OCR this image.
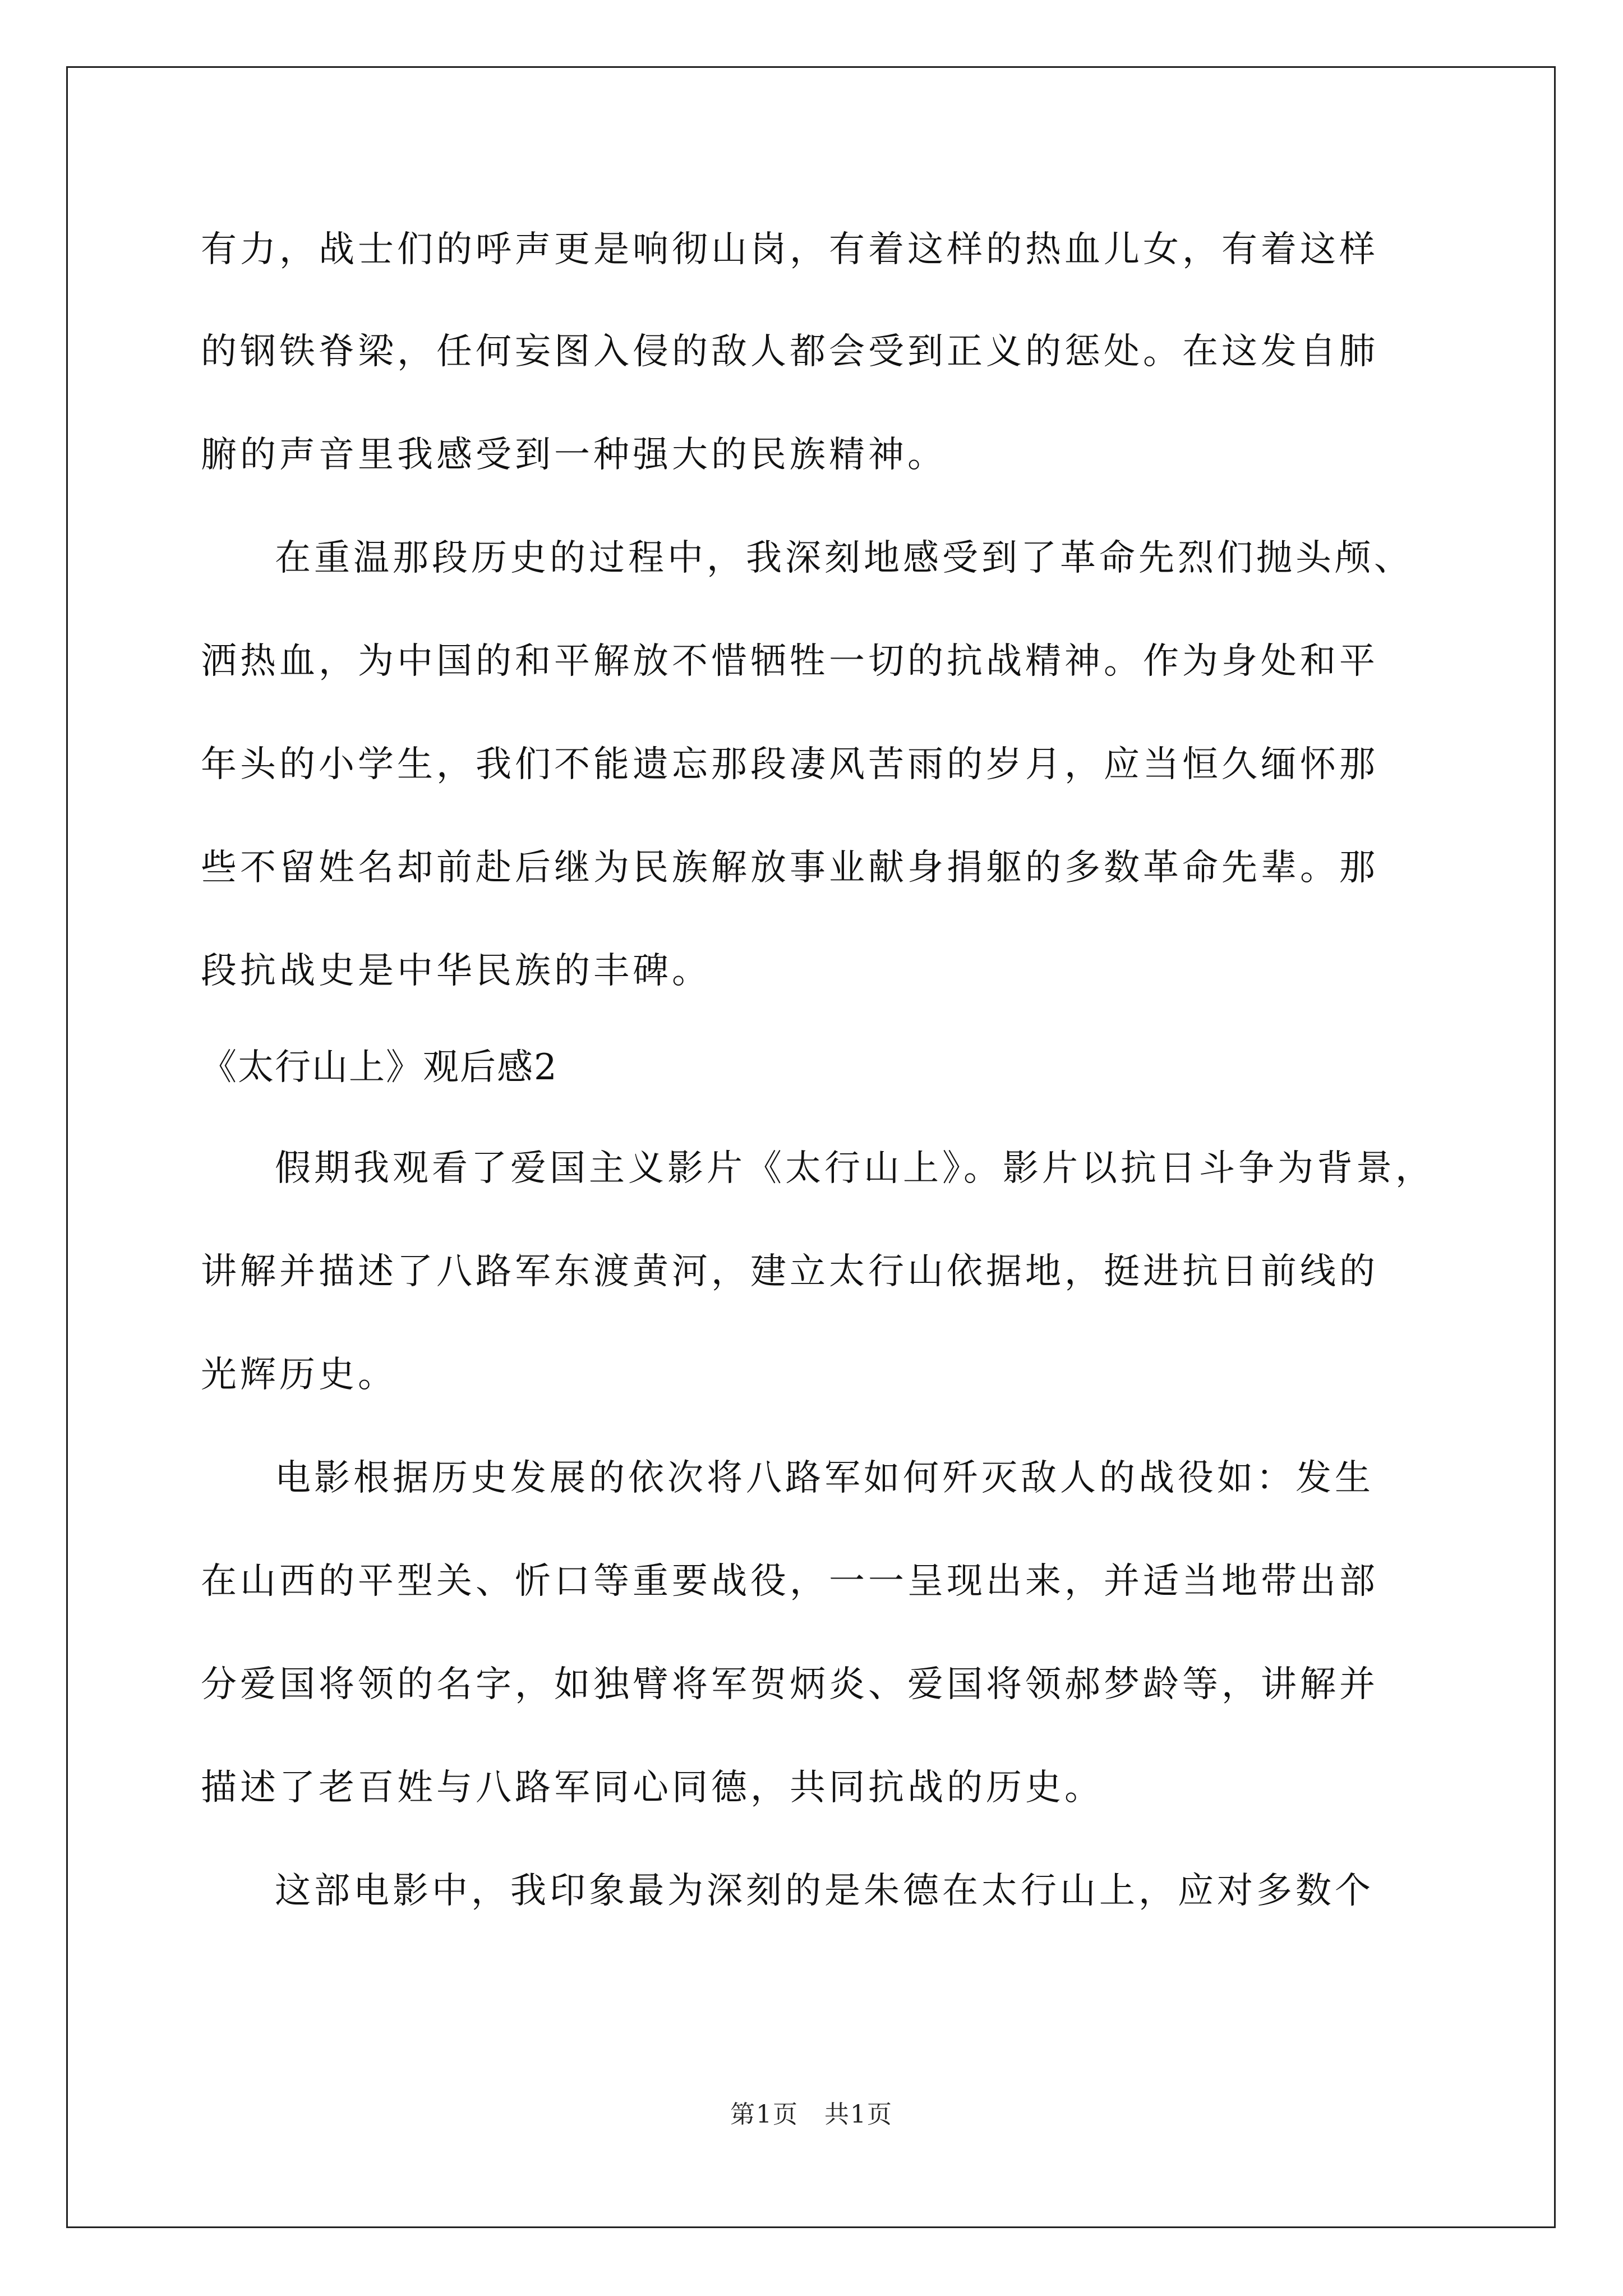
有力，战士们的呼声更是响彻山岗，有着这样的热血儿女，有着这样
的钢铁脊梁，任何妄图入侵的敌人都会受到正义的惩处。在这发自肺
腑的声音里我感受到一种强大的民族精神。
在重温那段历史的过程中，我深刻地感受到了革命先烈们抛头颅、
洒热血，为中国的和平解放不惜牺牲一切的抗战精神。作为身处和平
年头的小学生，我们不能遗忘那段凄风苦雨的岁月，应当恒久缅怀那
些不留姓名却前赴后继为民族解放事业献身捐躯的多数革命先辈。那
段抗战史是中华民族的丰碑。
《太行山上》观后感2
假期我观看了爱国主义影片《太行山上》。影片以抗日斗争为背景，
讲解并描述了八路军东渡黄河，建立太行山依据地，挺进抗日前线的
光辉历史。
电影根据历史发展的依次将八路军如何歼灭敌人的战役如：发生
在山西的平型关、忻口等重要战役，一一呈现出来，并适当地带出部
分爱国将领的名字，如独臂将军贺炳炎、爱国将领郝梦龄等，讲解并
描述了老百姓与八路军同心同德，共同抗战的历史。
这部电影中，我印象最为深刻的是朱德在太行山上，应对多数个
第1页　共1页
